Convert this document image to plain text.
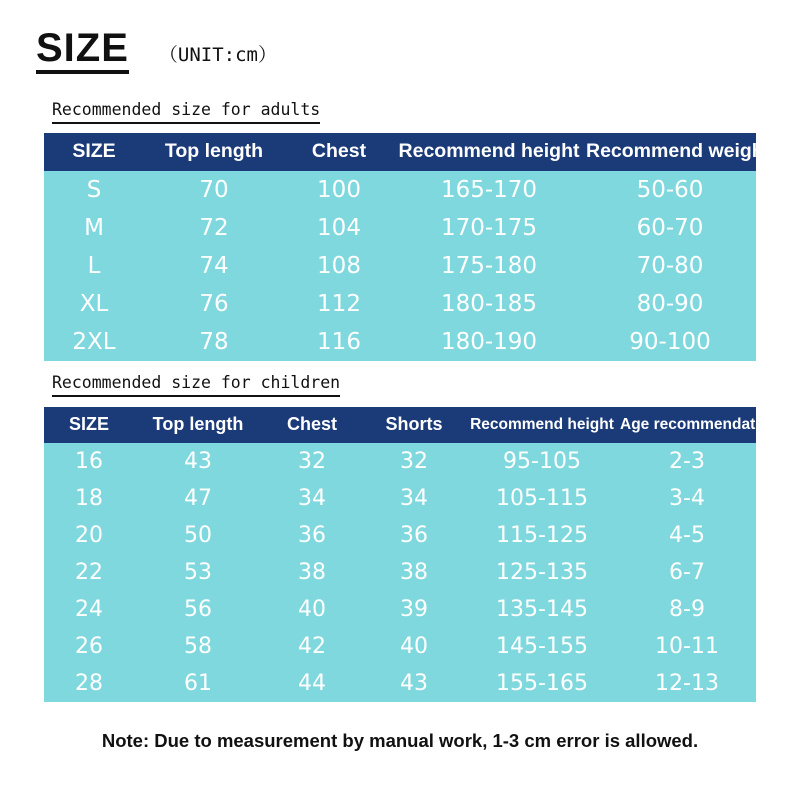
SIZE （UNIT:cm）
Recommended size for adults
SIZE	Top length	Chest	Recommend height	Recommend weight$^{(kg)}$
S	70	100	165-170	50-60
M	72	104	170-175	60-70
L	74	108	175-180	70-80
XL	76	112	180-185	80-90
2XL	78	116	180-190	90-100
Recommended size for children
SIZE	Top length	Chest	Shorts	Recommend height	Age recommendations
16	43	32	32	95-105	2-3
18	47	34	34	105-115	3-4
20	50	36	36	115-125	4-5
22	53	38	38	125-135	6-7
24	56	40	39	135-145	8-9
26	58	42	40	145-155	10-11
28	61	44	43	155-165	12-13
Note: Due to measurement by manual work, 1-3 cm error is allowed.
